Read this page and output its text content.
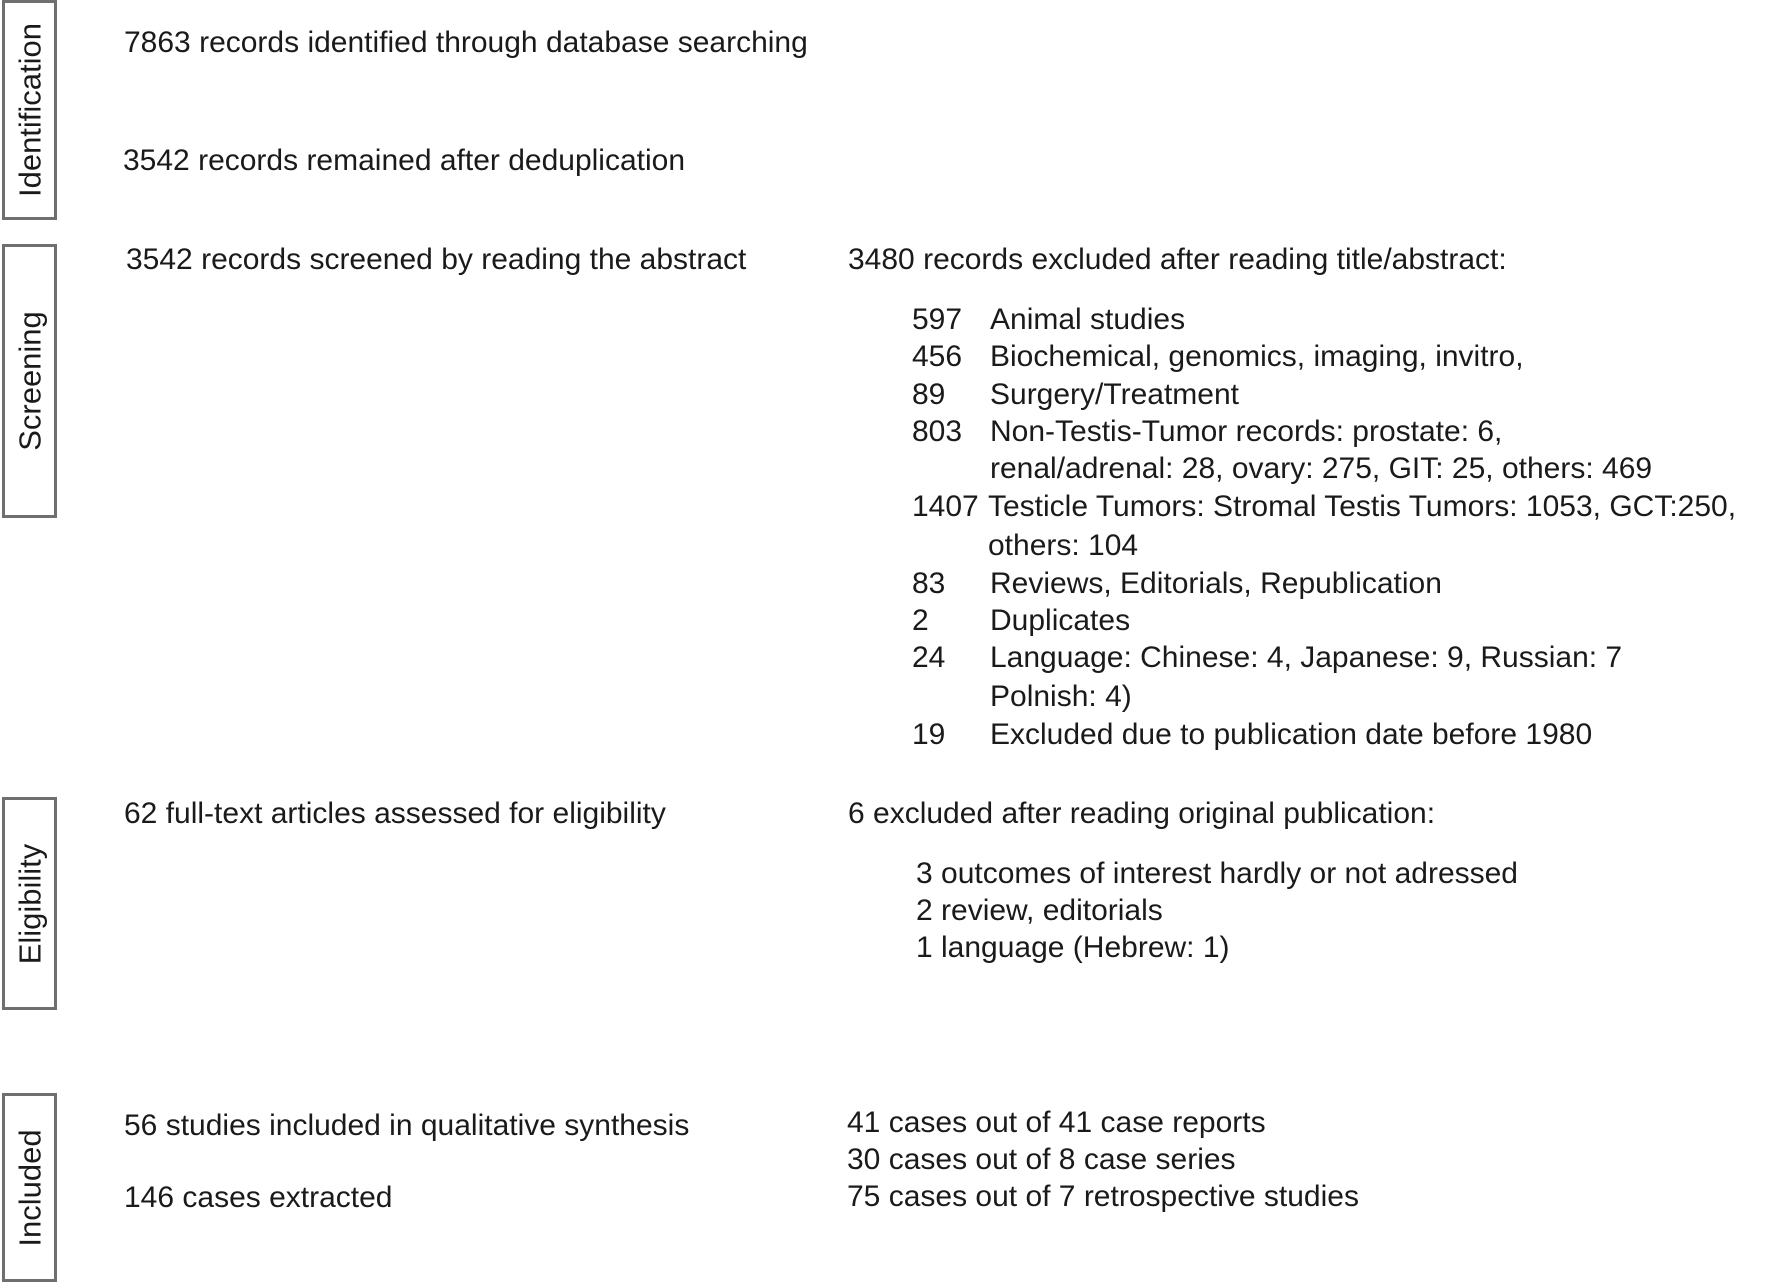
Identification
Screening
Eligibility
Included
7863 records identified through database searching
3542 records remained after deduplication
3542 records screened by reading the abstract	3480 records excluded after reading title/abstract:
597 Animal studies
456 Biochemical, genomics, imaging, invitro,
89 Surgery/Treatment
803 Non-Testis-Tumor records: prostate: 6,
renal/adrenal: 28, ovary: 275, GIT: 25, others: 469
1407 Testicle Tumors: Stromal Testis Tumors: 1053, GCT:250,
others: 104
83 Reviews, Editorials, Republication
2 Duplicates
24 Language: Chinese: 4, Japanese: 9, Russian: 7
Polnish: 4)
19 Excluded due to publication date before 1980
62 full-text articles assessed for eligibility	6 excluded after reading original publication:
3 outcomes of interest hardly or not adressed
2 review, editorials
1 language (Hebrew: 1)
56 studies included in qualitative synthesis
146 cases extracted
41 cases out of 41 case reports
30 cases out of 8 case series
75 cases out of 7 retrospective studies
